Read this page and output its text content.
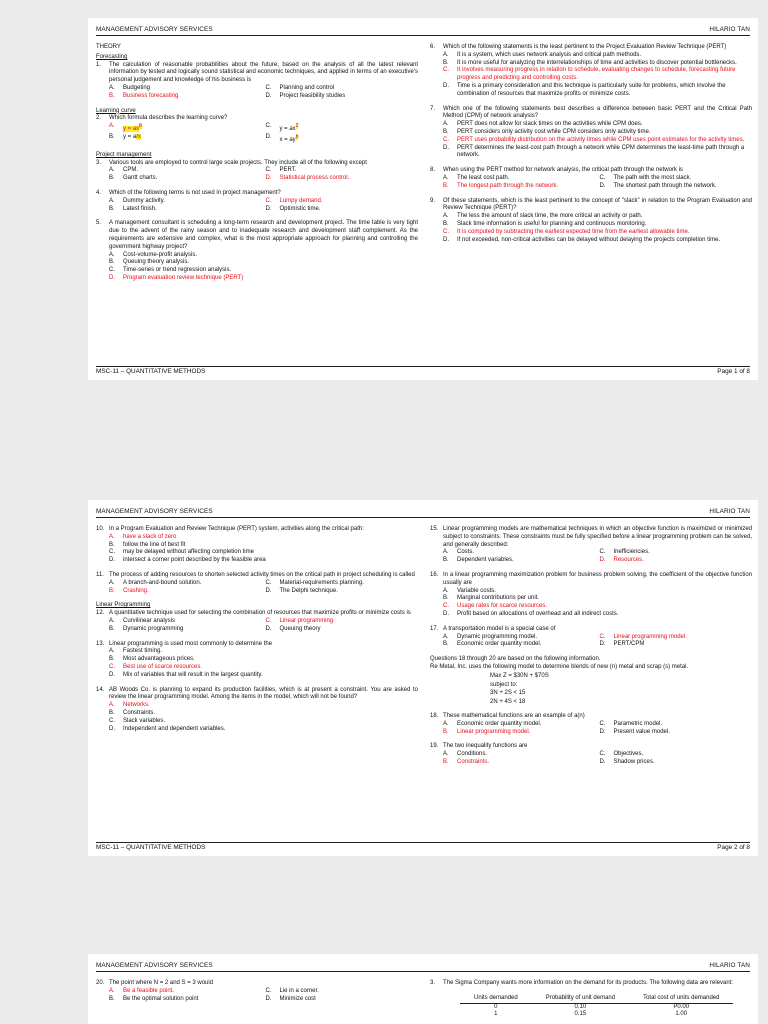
MANAGEMENT ADVISORY SERVICES	HILARIO TAN
THEORY
Forecasting
1.	The calculation of reasonable probabilities about the future, based on the analysis of all the latest relevant information by tested and logically sound statistical and economic techniques, and applied in terms of an executive's personal judgement and knowledge of his business is
A.	Budgeting	C.	Planning and control
B.	Business forecasting	D.	Project feasibility studies
Learning curve
2.	Which formula describes the learning curve?
A.	$y = ax^b$	C.	$y = ax^2$
B.	y = a/x	D.	$x = ay^b$
Project management
3.	Various tools are employed to control large scale projects. They include all of the following except
A.	CPM.	C.	PERT.
B.	Gantt charts.	D.	Statistical process control.
4.	Which of the following terms is not used in project management?
A.	Dummy activity.	C.	Lumpy demand.
B.	Latest finish.	D.	Optimistic time.
5.	A management consultant is scheduling a long-term research and development project. The time table is very tight due to the advent of the rainy season and to inadequate research and development staff complement. As the requirements are extensive and complex, what is the most appropriate approach for planning and controlling the government highway project?
A.	Cost-volume-profit analysis.
B.	Queuing theory analysis.
C.	Time-series or trend regression analysis.
D.	Program evaluation review technique (PERT)
6.	Which of the following statements is the least pertinent to the Project Evaluation Review Technique (PERT)
A.	It is a system, which uses network analysis and critical path methods.
B.	It is more useful for analyzing the interrelationships of time and activities to discover potential bottlenecks.
C.	It involves measuring progress in relation to schedule, evaluating changes to schedule, forecasting future progress and predicting and controlling costs.
D.	Time is a primary consideration and this technique is particularly suite for problems, which involve the combination of resources that maximize profits or minimize costs.
7.	Which one of the following statements best describes a difference between basic PERT and the Critical Path Method (CPM) of network analysis?
A.	PERT does not allow for slack times on the activities while CPM does.
B.	PERT considers only activity cost while CPM considers only activity time.
C.	PERT uses probability distribution on the activity times while CPM uses point estimates for the activity times.
D.	PERT determines the least-cost path through a network while CPM determines the least-time path through a network.
8.	When using the PERT method for network analysis, the critical path through the network is
A.	The least cost path.	C.	The path with the most slack.
B.	The longest path through the network.	D.	The shortest path through the network.
9.	Of these statements, which is the least pertinent to the concept of "slack" in relation to the Program Evaluation and Review Technique (PERT)?
A.	The less the amount of slack time, the more critical an activity or path.
B.	Slack time information is useful for planning and continuous monitoring.
C.	It is computed by subtracting the earliest expected time from the earliest allowable time.
D.	If not exceeded, non-critical activities can be delayed without delaying the projects completion time.
MSC-11 – QUANTITATIVE METHODS	Page 1 of 8
MANAGEMENT ADVISORY SERVICES	HILARIO TAN
10. In a Program Evaluation and Review Technique (PERT) system, activities along the critical path:
A.	have a slack of zero
B.	follow the line of best fit
C.	may be delayed without affecting completion time
D.	intersect a corner point described by the feasible area
11. The process of adding resources to shorten selected activity times on the critical path in project scheduling is called
A.	A branch-and-bound solution.	C.	Material-requirements planning.
B.	Crashing.	D.	The Delphi technique.
Linear Programming
12. A quantitative technique used for selecting the combination of resources that maximize profits or minimize costs is
A.	Curvilinear analysis	C.	Linear programming
B.	Dynamic programming	D.	Queuing theory
13. Linear programming is used most commonly to determine the
A.	Fastest timing.
B.	Most advantageous prices.
C.	Best use of scarce resources.
D.	Mix of variables that will result in the largest quantity.
14. AB Woods Co. is planning to expand its production facilities, which is at present a constraint. You are asked to review the linear programming model. Among the items in the model, which will not be found?
A.	Networks.
B.	Constraints.
C.	Slack variables.
D.	Independent and dependent variables.
15. Linear programming models are mathematical techniques in which an objective function is maximized or minimized subject to constraints. These constraints must be fully specified before a linear programming problem can be solved, and generally described:
A.	Costs.	C.	Inefficiencies.
B.	Dependent variables.	D.	Resources.
16. In a linear programming maximization problem for business problem solving, the coefficient of the objective function usually are
A.	Variable costs.
B.	Marginal contributions per unit.
C.	Usage rates for scarce resources.
D.	Profit based on allocations of overhead and all indirect costs.
17. A transportation model is a special case of
A.	Dynamic programming model.	C.	Linear programming model.
B.	Economic order quantity model.	D.	PERT/CPM
Questions 18 through 20 are based on the following information.
Re Metal, Inc. uses the following model to determine blends of new (n) metal and scrap (s) metal.
Max Z = $30N + $70S
subject to:
3N + 2S < 15
2N + 4S < 18
18. These mathematical functions are an example of a(n)
A.	Economic order quantity model.	C.	Parametric model.
B.	Linear programming model.	D.	Present value model.
19. The two inequality functions are
A.	Conditions.	C.	Objectives.
B.	Constraints.	D.	Shadow prices.
MSC-11 – QUANTITATIVE METHODS	Page 2 of 8
MANAGEMENT ADVISORY SERVICES	HILARIO TAN
20. The point where N = 2 and S = 3 would
A.	Be a feasible point.	C.	Lie in a corner.
B.	Be the optimal solution point	D.	Minimize cost
3.	The Sigma Company wants more information on the demand for its products. The following data are relevant:
Units demanded	Probability of unit demand	Total cost of units demanded
0	0.10	P0.00
1	0.15	1.00
